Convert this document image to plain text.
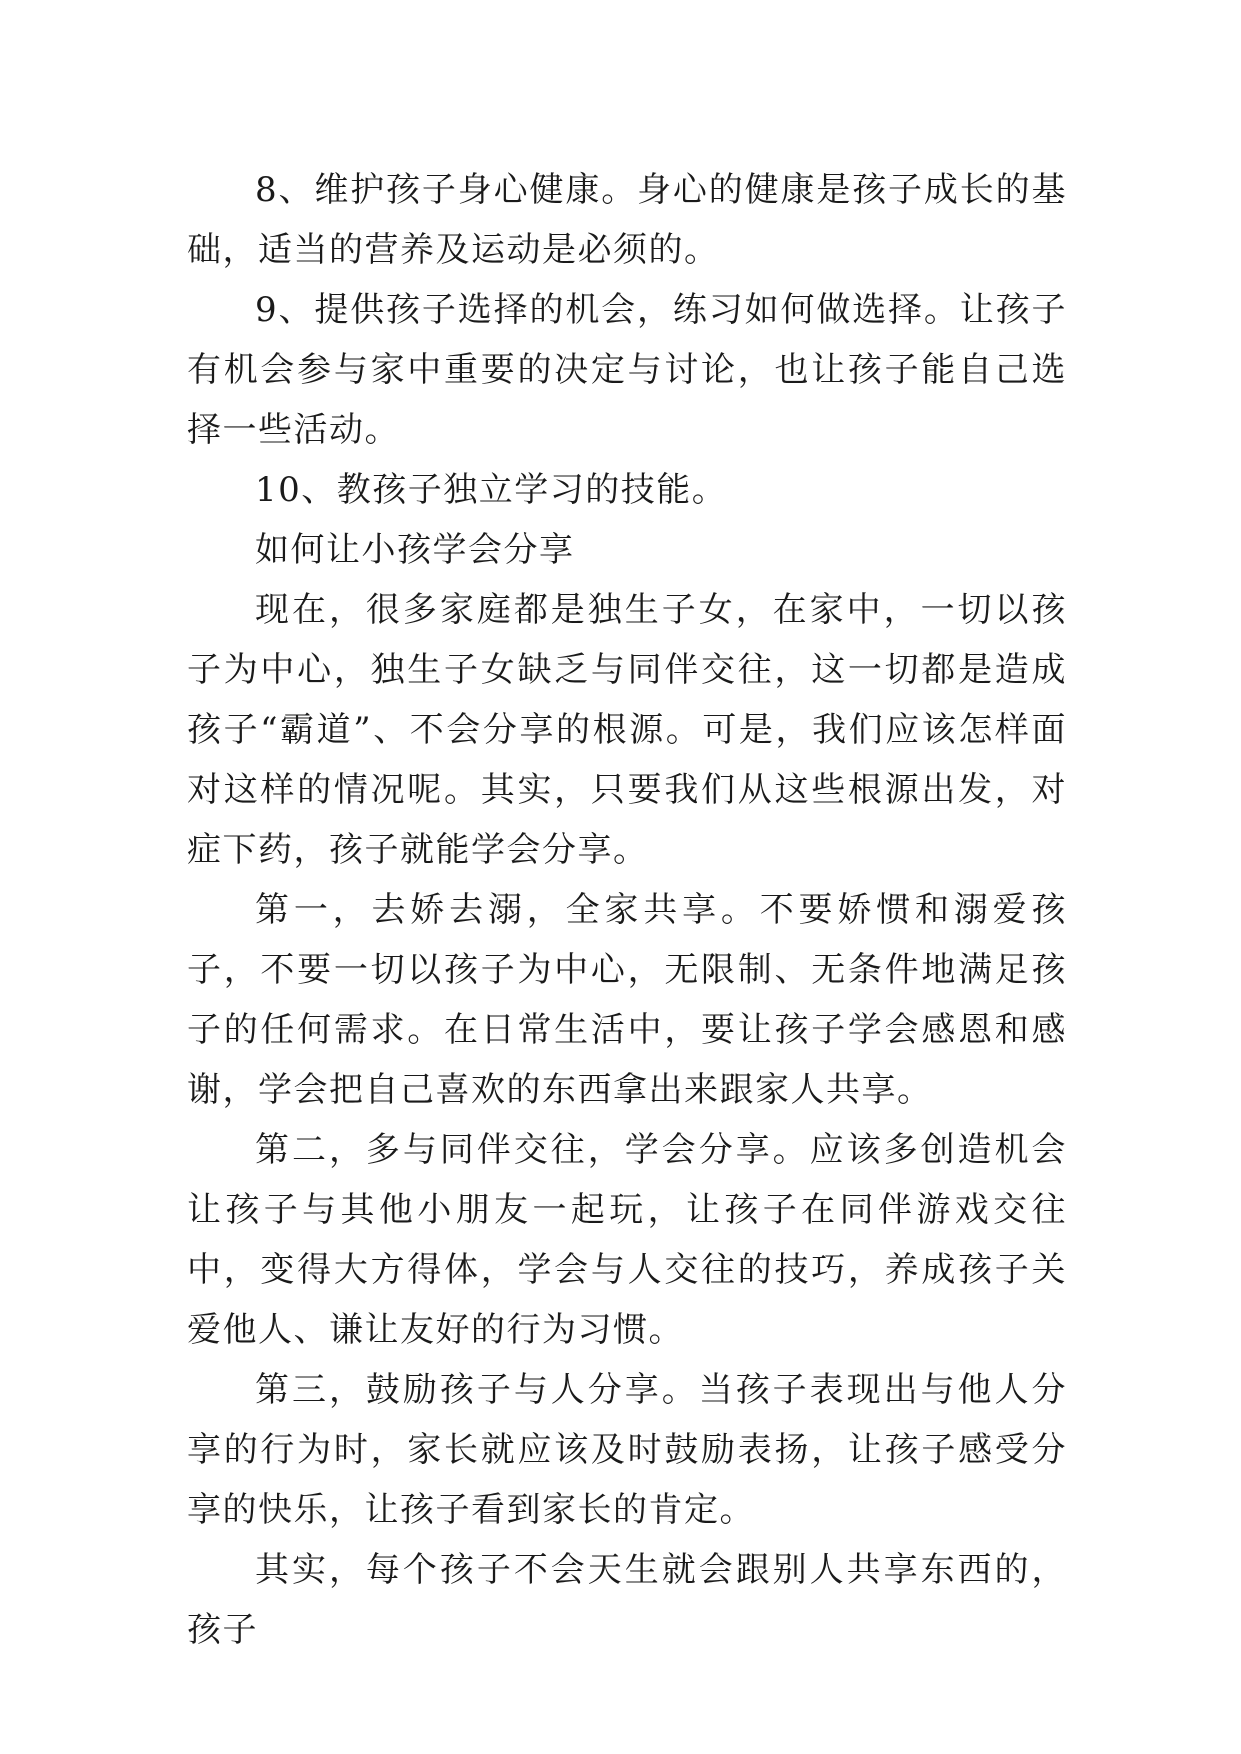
8、维护孩子身心健康。身心的健康是孩子成长的基础，适当的营养及运动是必须的。

9、提供孩子选择的机会，练习如何做选择。让孩子有机会参与家中重要的决定与讨论，也让孩子能自己选择一些活动。

10、教孩子独立学习的技能。

如何让小孩学会分享

现在，很多家庭都是独生子女，在家中，一切以孩子为中心，独生子女缺乏与同伴交往，这一切都是造成孩子“霸道”、不会分享的根源。可是，我们应该怎样面对这样的情况呢。其实，只要我们从这些根源出发，对症下药，孩子就能学会分享。

第一，去娇去溺，全家共享。不要娇惯和溺爱孩子，不要一切以孩子为中心，无限制、无条件地满足孩子的任何需求。在日常生活中，要让孩子学会感恩和感谢，学会把自己喜欢的东西拿出来跟家人共享。

第二，多与同伴交往，学会分享。应该多创造机会让孩子与其他小朋友一起玩，让孩子在同伴游戏交往中，变得大方得体，学会与人交往的技巧，养成孩子关爱他人、谦让友好的行为习惯。

第三，鼓励孩子与人分享。当孩子表现出与他人分享的行为时，家长就应该及时鼓励表扬，让孩子感受分享的快乐，让孩子看到家长的肯定。

其实，每个孩子不会天生就会跟别人共享东西的，孩子
